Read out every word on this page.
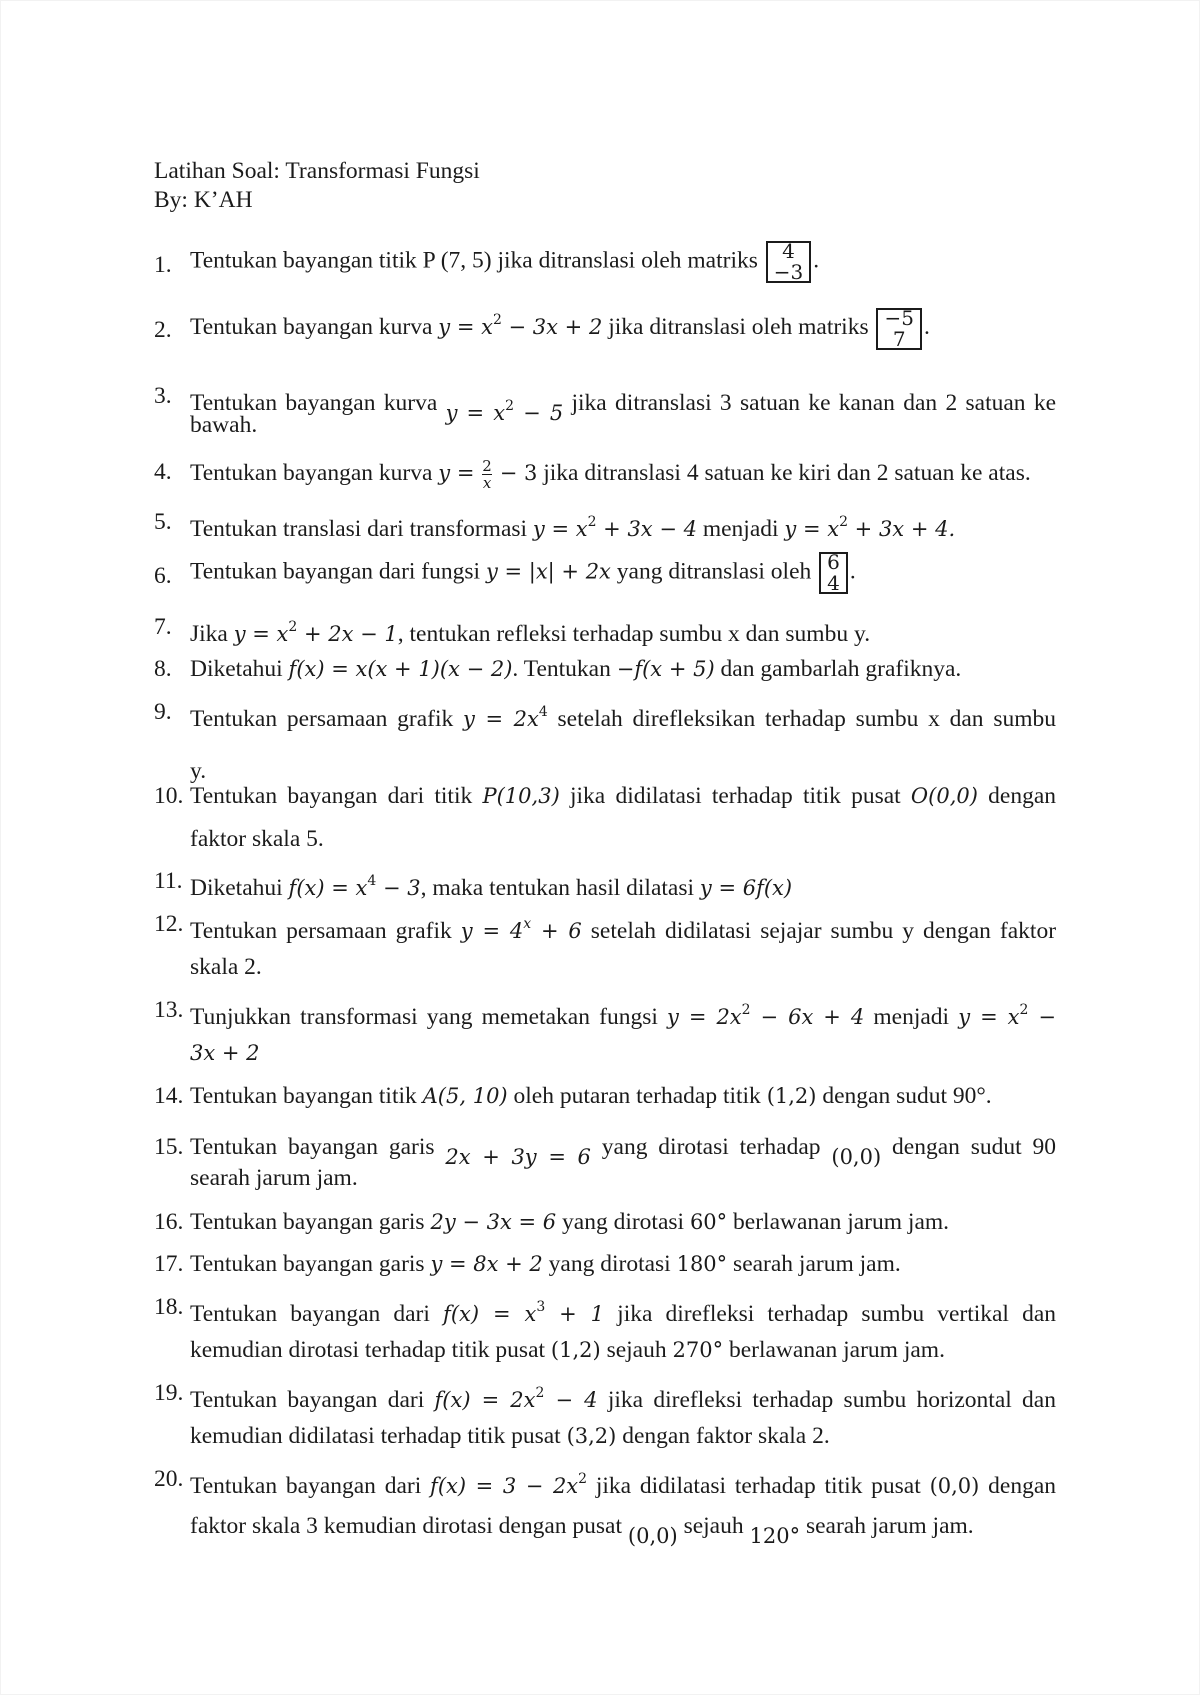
Latihan Soal: Transformasi Fungsi
By: K’AH
1. Tentukan bayangan titik P (7, 5) jika ditranslasi oleh matriks	4
−3 .
2. Tentukan bayangan kurva $y = x^2 - 3x + 2$ jika ditranslasi oleh matriks −5
7 .
3. Tentukan bayangan kurva $y = x^2 - 5$ jika ditranslasi 3 satuan ke kanan dan 2 satuan ke
bawah.
4. Tentukan bayangan kurva $y = \frac{2}{x} - 3$ jika ditranslasi 4 satuan ke kiri dan 2 satuan ke atas.
5. Tentukan translasi dari transformasi $y = x^2 + 3x - 4$ menjadi $y = x^2 + 3x + 4$.
6. Tentukan bayangan dari fungsi y = |x| + 2x yang ditranslasi oleh 6
4 .
7. Jika $y = x^2 + 2x - 1$, tentukan refleksi terhadap sumbu x dan sumbu y.
8. Diketahui f(x) = x(x + 1)(x − 2). Tentukan −f(x + 5) dan gambarlah grafiknya.
9. Tentukan persamaan grafik $y = 2x^4$ setelah direfleksikan terhadap sumbu x dan sumbu
y.
10. Tentukan bayangan dari titik P(10,3) jika didilatasi terhadap titik pusat O(0,0) dengan
faktor skala 5.
11. Diketahui $f(x) = x^4 - 3$, maka tentukan hasil dilatasi y = 6f(x)
12. Tentukan persamaan grafik $y = 4^x + 6$ setelah didilatasi sejajar sumbu y dengan faktor
skala 2.
13. Tunjukkan transformasi yang memetakan fungsi $y = 2x^2 - 6x + 4$ menjadi $y = x^2$ −
3x + 2
14. Tentukan bayangan titik A(5, 10) oleh putaran terhadap titik (1,2) dengan sudut 90°.
15. Tentukan bayangan garis 2x + 3y = 6 yang dirotasi terhadap (0,0) dengan sudut 90
searah jarum jam.
16. Tentukan bayangan garis 2y − 3x = 6 yang dirotasi 60° berlawanan jarum jam.
17. Tentukan bayangan garis y = 8x + 2 yang dirotasi 180° searah jarum jam.
18. Tentukan bayangan dari $f(x) = x^3 + 1$ jika direfleksi terhadap sumbu vertikal dan
kemudian dirotasi terhadap titik pusat (1,2) sejauh 270° berlawanan jarum jam.
19. Tentukan bayangan dari $f(x) = 2x^2 - 4$ jika direfleksi terhadap sumbu horizontal dan
kemudian didilatasi terhadap titik pusat (3,2) dengan faktor skala 2.
20. Tentukan bayangan dari $f(x) = 3 - 2x^2$ jika didilatasi terhadap titik pusat (0,0) dengan
faktor skala 3 kemudian dirotasi dengan pusat (0,0) sejauh 120° searah jarum jam.
